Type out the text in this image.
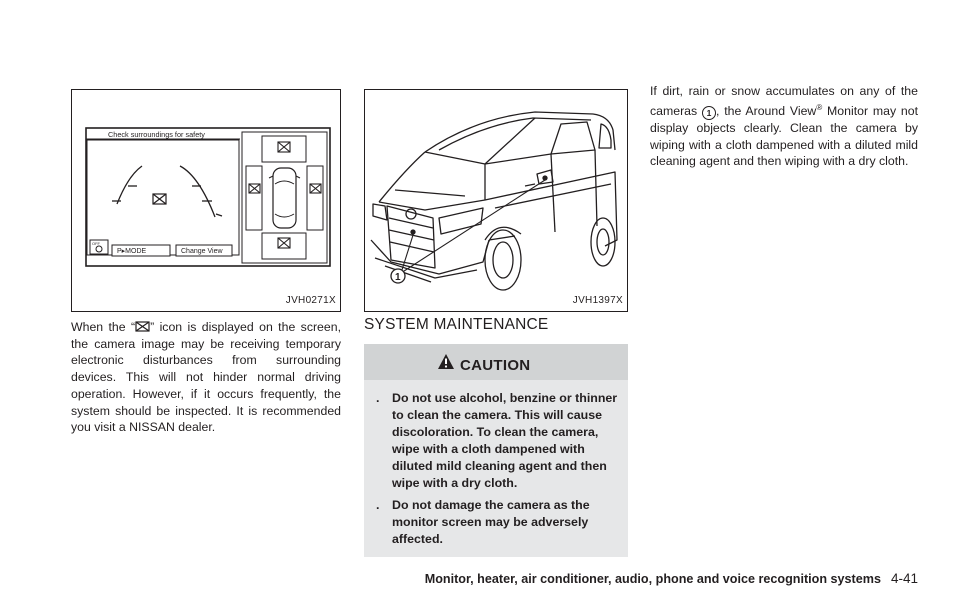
Check surroundings for safety
OFF
P▸MODE	Change View
JVH0271X
1
JVH1397X

When the “ ” icon is displayed on the screen, the camera image may be receiving temporary electronic disturbances from surrounding devices. This will not hinder normal driving operation. However, if it occurs frequently, the system should be inspected. It is recommended you visit a NISSAN dealer.

SYSTEM MAINTENANCE
CAUTION
. Do not use alcohol, benzine or thinner to clean the camera. This will cause discoloration. To clean the camera, wipe with a cloth dampened with diluted mild cleaning agent and then wipe with a dry cloth.
. Do not damage the camera as the monitor screen may be adversely affected.

If dirt, rain or snow accumulates on any of the cameras 1 , the Around View® Monitor may not display objects clearly. Clean the camera by wiping with a cloth dampened with a diluted mild cleaning agent and then wiping with a dry cloth.

Monitor, heater, air conditioner, audio, phone and voice recognition systems 4-41
